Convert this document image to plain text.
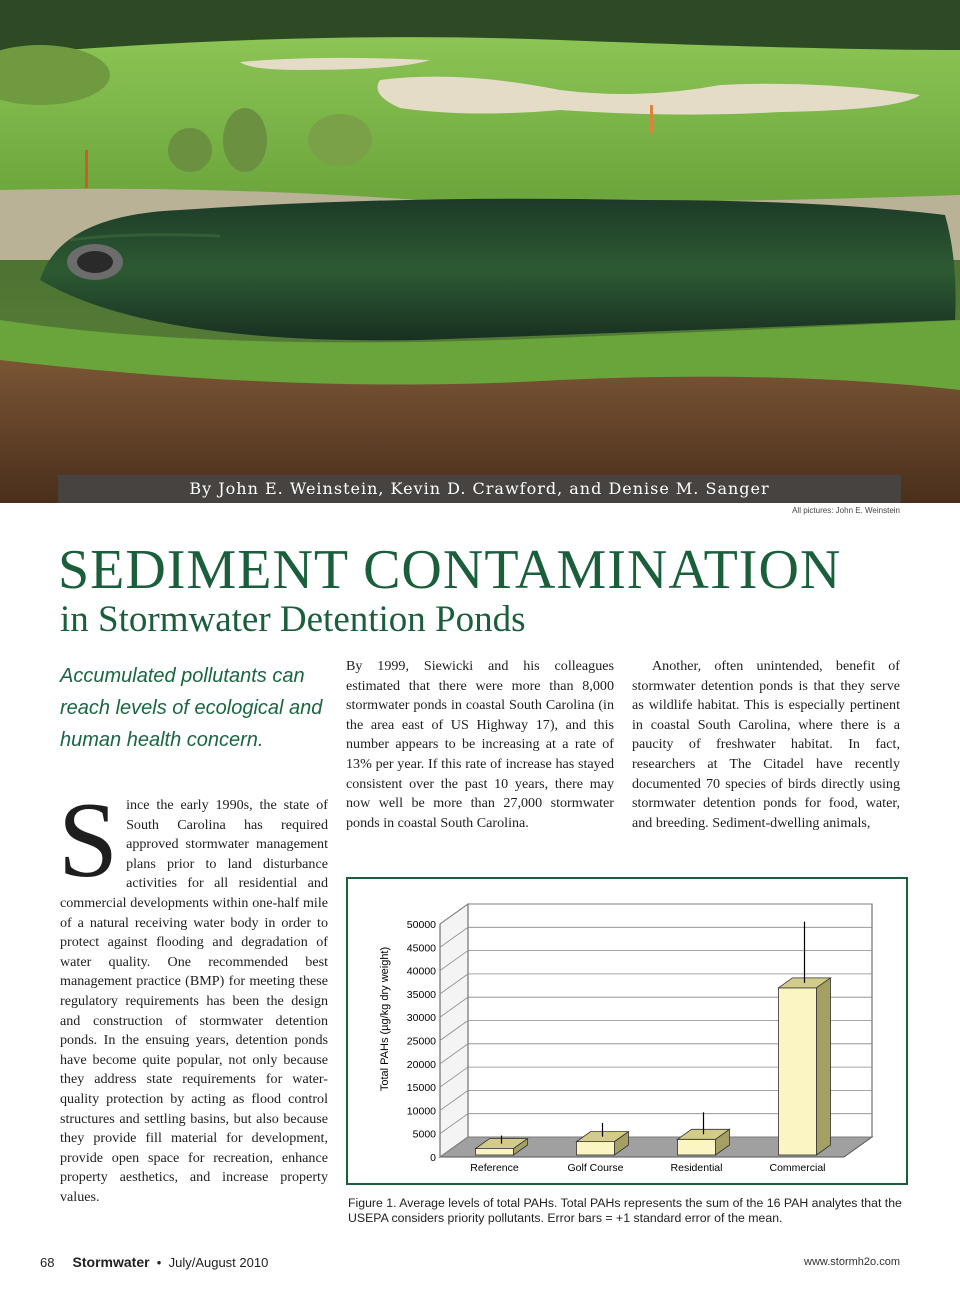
By John E. Weinstein, Kevin D. Crawford, and Denise M. Sanger
All pictures: John E. Weinstein
SEDIMENT CONTAMINATION
in Stormwater Detention Ponds
Accumulated pollutants can reach levels of ecological and human health concern.
S ince the early 1990s, the state of South Carolina has required approved stormwater management plans prior to land disturbance activities for all residential and commercial developments within one-half mile of a natural receiving water body in order to protect against flooding and degradation of water quality. One recommended best management practice (BMP) for meeting these regulatory requirements has been the design and construction of stormwater detention ponds. In the ensuing years, detention ponds have become quite popular, not only because they address state requirements for water-quality protection by acting as flood control structures and settling basins, but also because they provide fill material for development, provide open space for recreation, enhance property aesthetics, and increase property values.
By 1999, Siewicki and his colleagues estimated that there were more than 8,000 stormwater ponds in coastal South Carolina (in the area east of US Highway 17), and this number appears to be increasing at a rate of 13% per year. If this rate of increase has stayed consistent over the past 10 years, there may now well be more than 27,000 stormwater ponds in coastal South Carolina.
Another, often unintended, benefit of stormwater detention ponds is that they serve as wildlife habitat. This is especially pertinent in coastal South Carolina, where there is a paucity of freshwater habitat. In fact, researchers at The Citadel have recently documented 70 species of birds directly using stormwater detention ponds for food, water, and breeding. Sediment-dwelling animals,
0
5000
10000
15000
20000
25000
30000
35000
40000
45000
50000
Reference	Golf Course	Residential	Commercial
Total PAHs (µg/kg dry weight)
Figure 1. Average levels of total PAHs. Total PAHs represents the sum of the 16 PAH analytes that the USEPA considers priority pollutants. Error bars = +1 standard error of the mean.
68 Stormwater • July/August 2010	www.stormh2o.com
